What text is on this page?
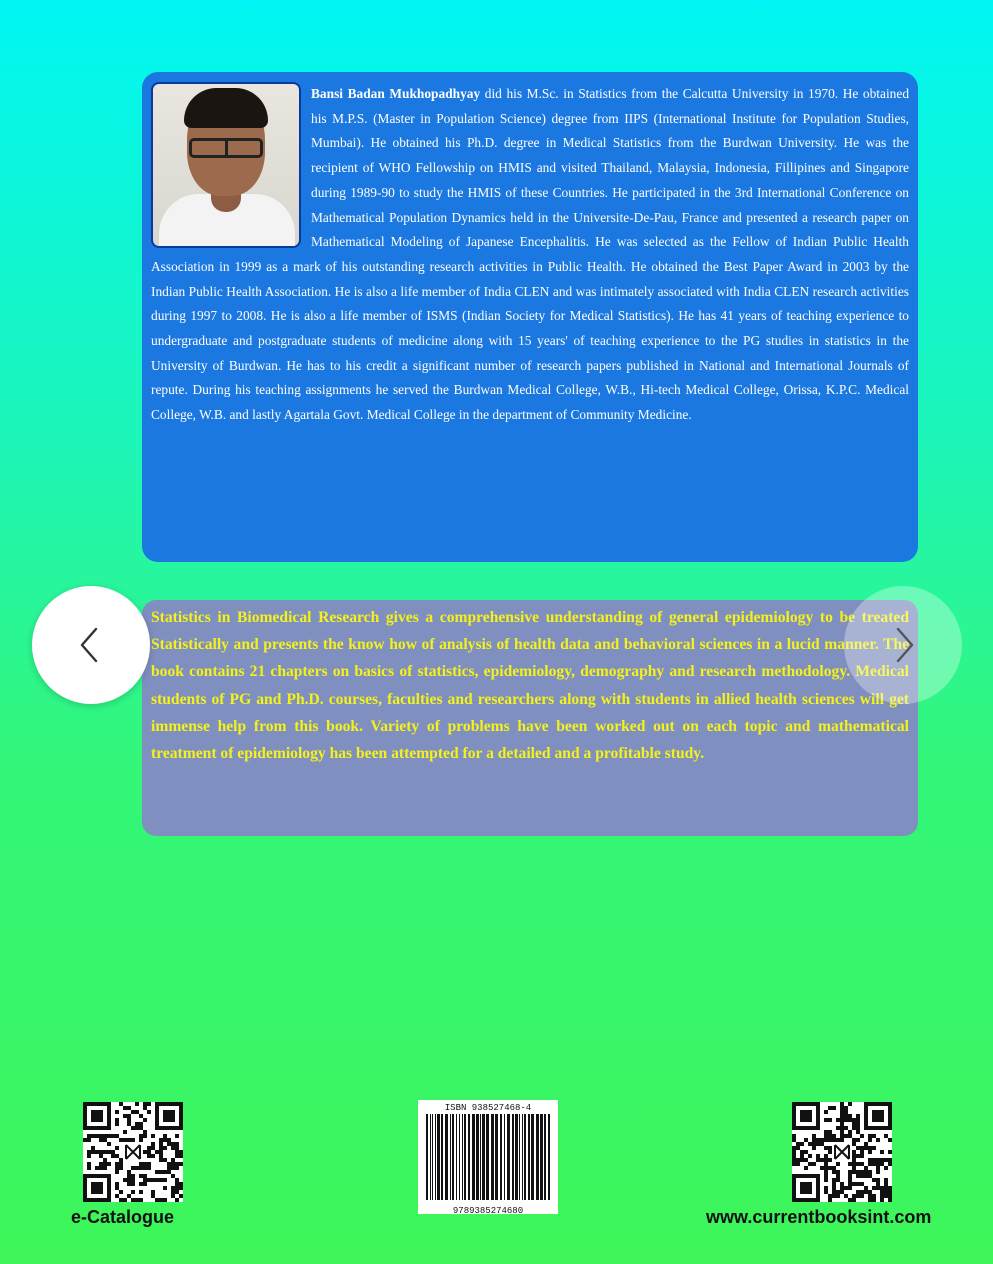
Bansi Badan Mukhopadhyay did his M.Sc. in Statistics from the Calcutta University in 1970. He obtained his M.P.S. (Master in Population Science) degree from IIPS (International Institute for Population Studies, Mumbai). He obtained his Ph.D. degree in Medical Statistics from the Burdwan University. He was the recipient of WHO Fellowship on HMIS and visited Thailand, Malaysia, Indonesia, Fillipines and Singapore during 1989-90 to study the HMIS of these Countries. He participated in the 3rd International Conference on Mathematical Population Dynamics held in the Universite-De-Pau, France and presented a research paper on Mathematical Modeling of Japanese Encephalitis. He was selected as the Fellow of Indian Public Health Association in 1999 as a mark of his outstanding research activities in Public Health. He obtained the Best Paper Award in 2003 by the Indian Public Health Association. He is also a life member of India CLEN and was intimately associated with India CLEN research activities during 1997 to 2008. He is also a life member of ISMS (Indian Society for Medical Statistics). He has 41 years of teaching experience to undergraduate and postgraduate students of medicine along with 15 years' of teaching experience to the PG studies in statistics in the University of Burdwan. He has to his credit a significant number of research papers published in National and International Journals of repute. During his teaching assignments he served the Burdwan Medical College, W.B., Hi-tech Medical College, Orissa, K.P.C. Medical College, W.B. and lastly Agartala Govt. Medical College in the department of Community Medicine.

Statistics in Biomedical Research gives a comprehensive understanding of general epidemiology to be treated Statistically and presents the know how of analysis of health data and behavioral sciences in a lucid manner. The book contains 21 chapters on basics of statistics, epidemiology, demography and research methodology. Medical students of PG and Ph.D. courses, faculties and researchers along with students in allied health sciences will get immense help from this book. Variety of problems have been worked out on each topic and mathematical treatment of epidemiology has been attempted for a detailed and a profitable study.

e-Catalogue
ISBN 938527468-4
9789385274680	www.currentbooksint.com
